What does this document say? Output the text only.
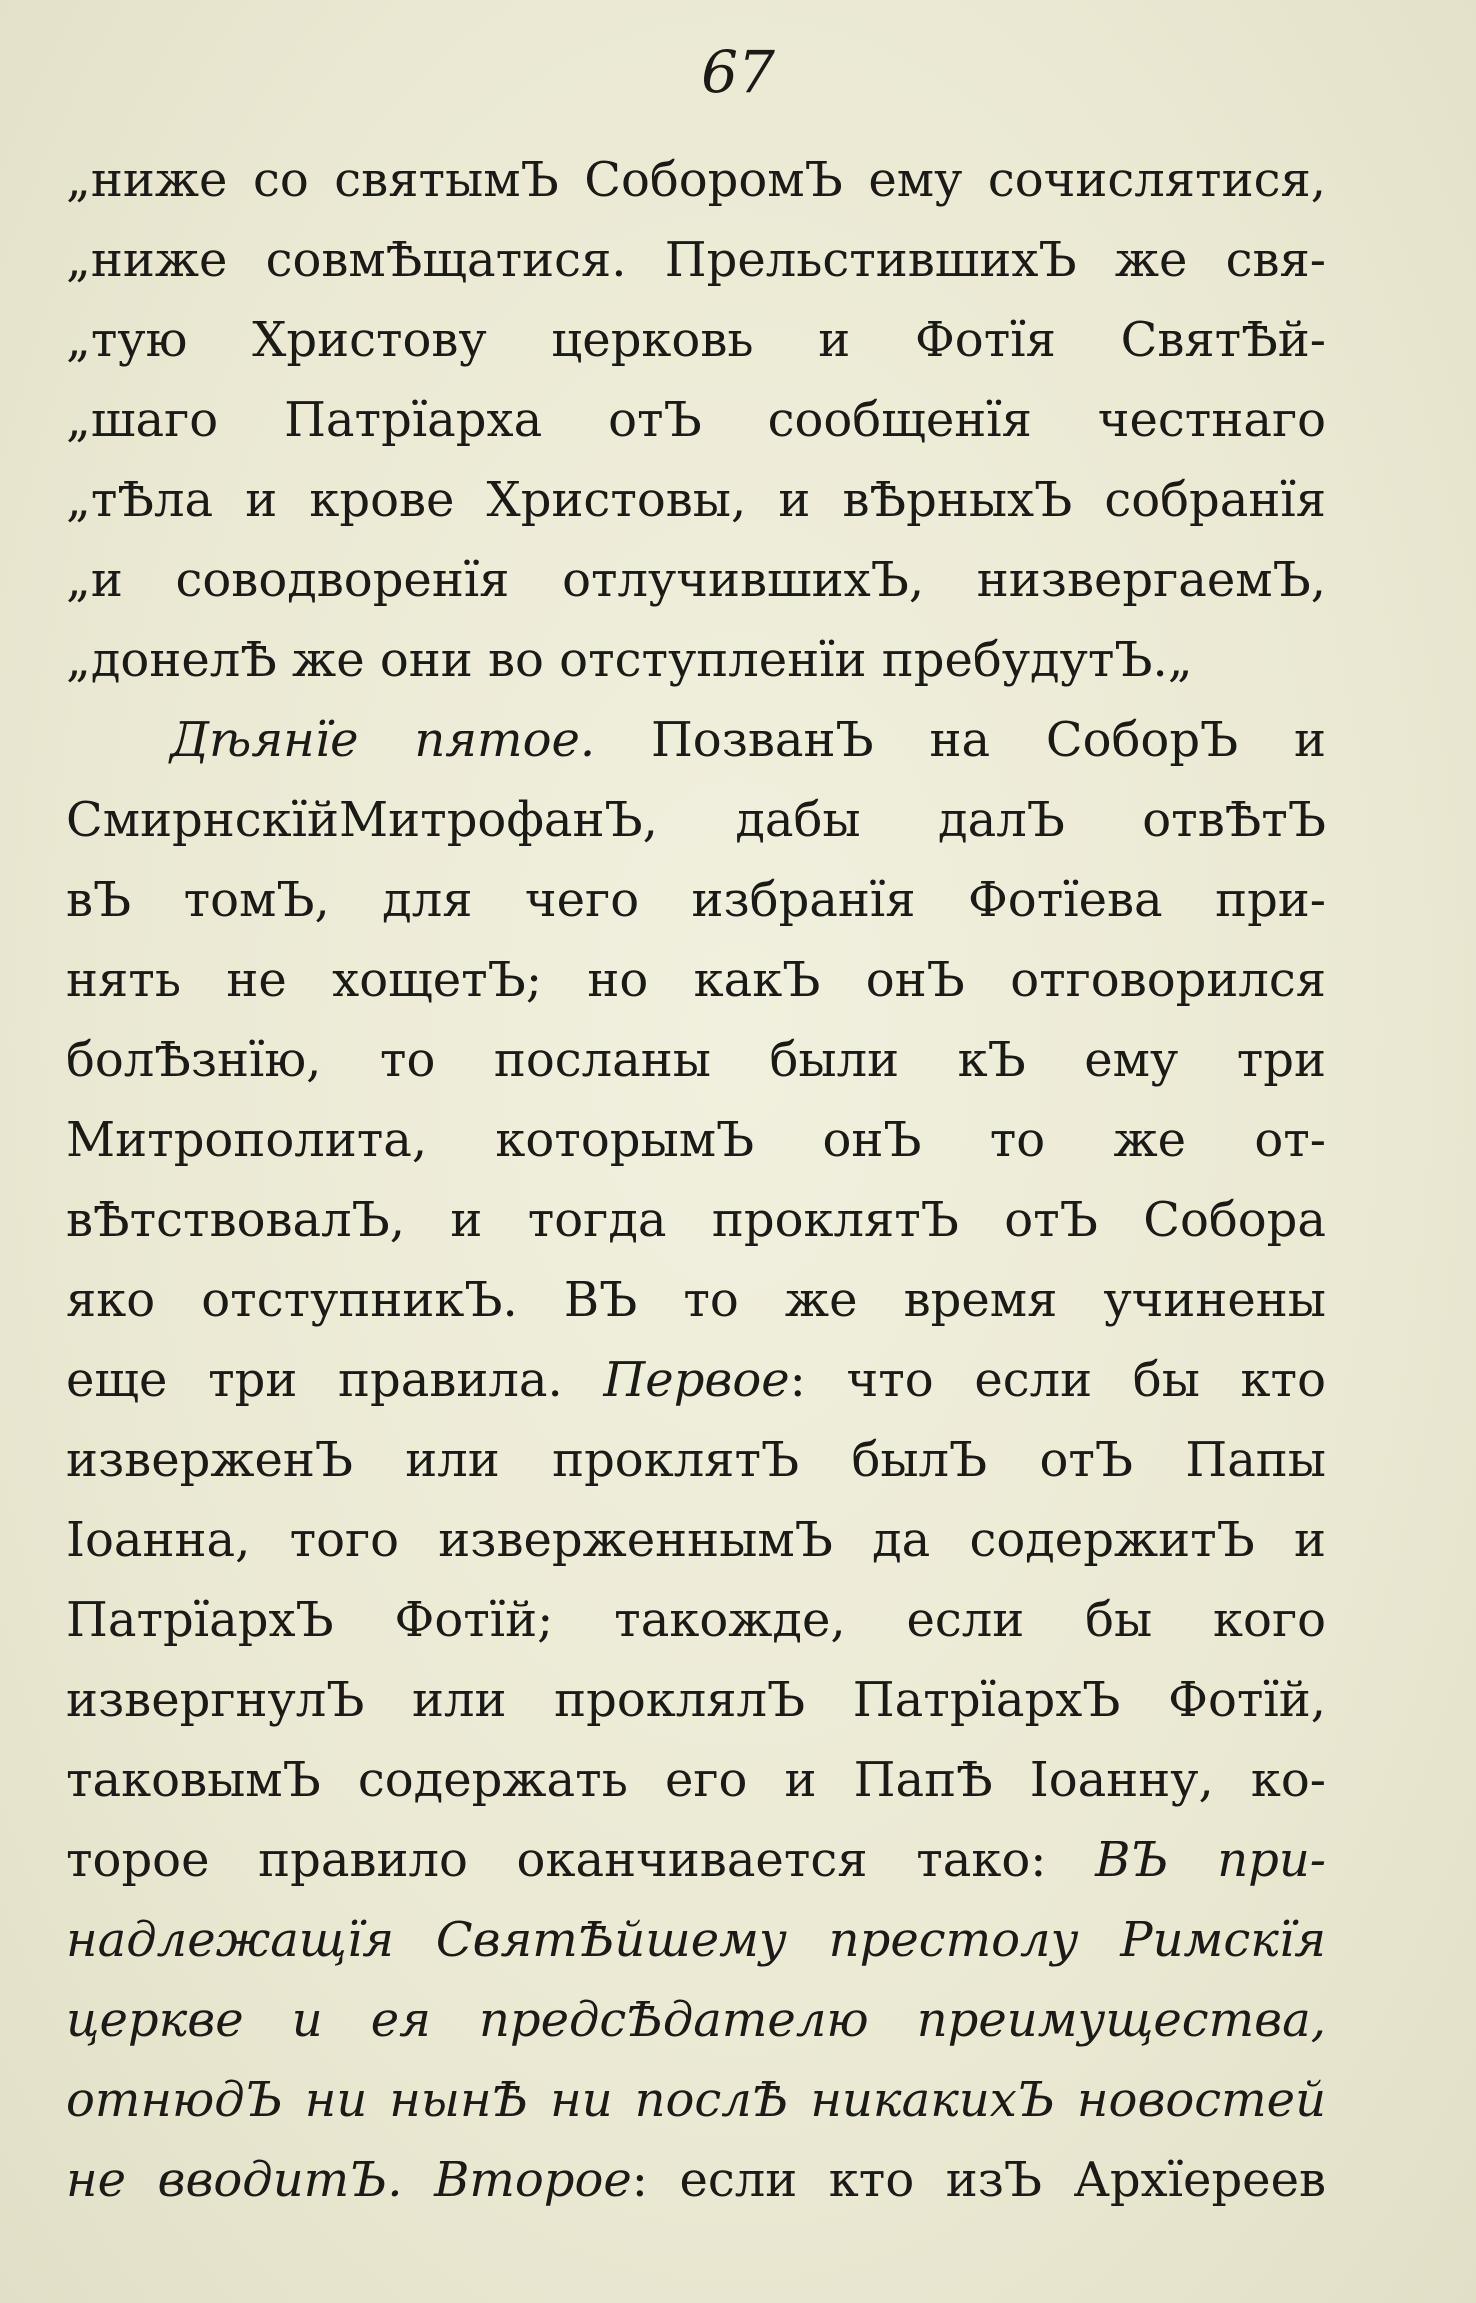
67
„ниже со святымЪ СоборомЪ ему сочислятися,
„ниже совмѢщатися. ПрельстившихЪ же свя-
„тую Христову церковь и Фотїя СвятѢй-
„шаго Патрїарха отЪ сообщенїя честнаго
„тѢла и крове Христовы, и вѢрныхЪ собранїя
„и соводворенїя отлучившихЪ, низвергаемЪ,
„донелѢ же они во отступленїи пребудутЪ.„
Дѣянїе пятое. ПозванЪ на СоборЪ и
СмирнскїйМитрофанЪ, дабы далЪ отвѢтЪ
вЪ томЪ, для чего избранїя Фотїева при-
нять не хощетЪ; но какЪ онЪ отговорился
болѢзнїю, то посланы были кЪ ему три
Митрополита, которымЪ онЪ то же от-
вѢтствовалЪ, и тогда проклятЪ отЪ Собора
яко отступникЪ. ВЪ то же время учинены
еще три правила. Первое: что если бы кто
изверженЪ или проклятЪ былЪ отЪ Папы
Іоанна, того изверженнымЪ да содержитЪ и
ПатрїархЪ Фотїй; такожде, если бы кого
извергнулЪ или проклялЪ ПатрїархЪ Фотїй,
таковымЪ содержать его и ПапѢ Іоанну, ко-
торое правило оканчивается тако: ВЪ при-
надлежащїя СвятѢйшему престолу Римскїя
церкве и ея предсѢдателю преимущества,
отнюдЪ ни нынѢ ни послѢ никакихЪ новостей
не вводитЪ. Второе: если кто изЪ Архїереев
